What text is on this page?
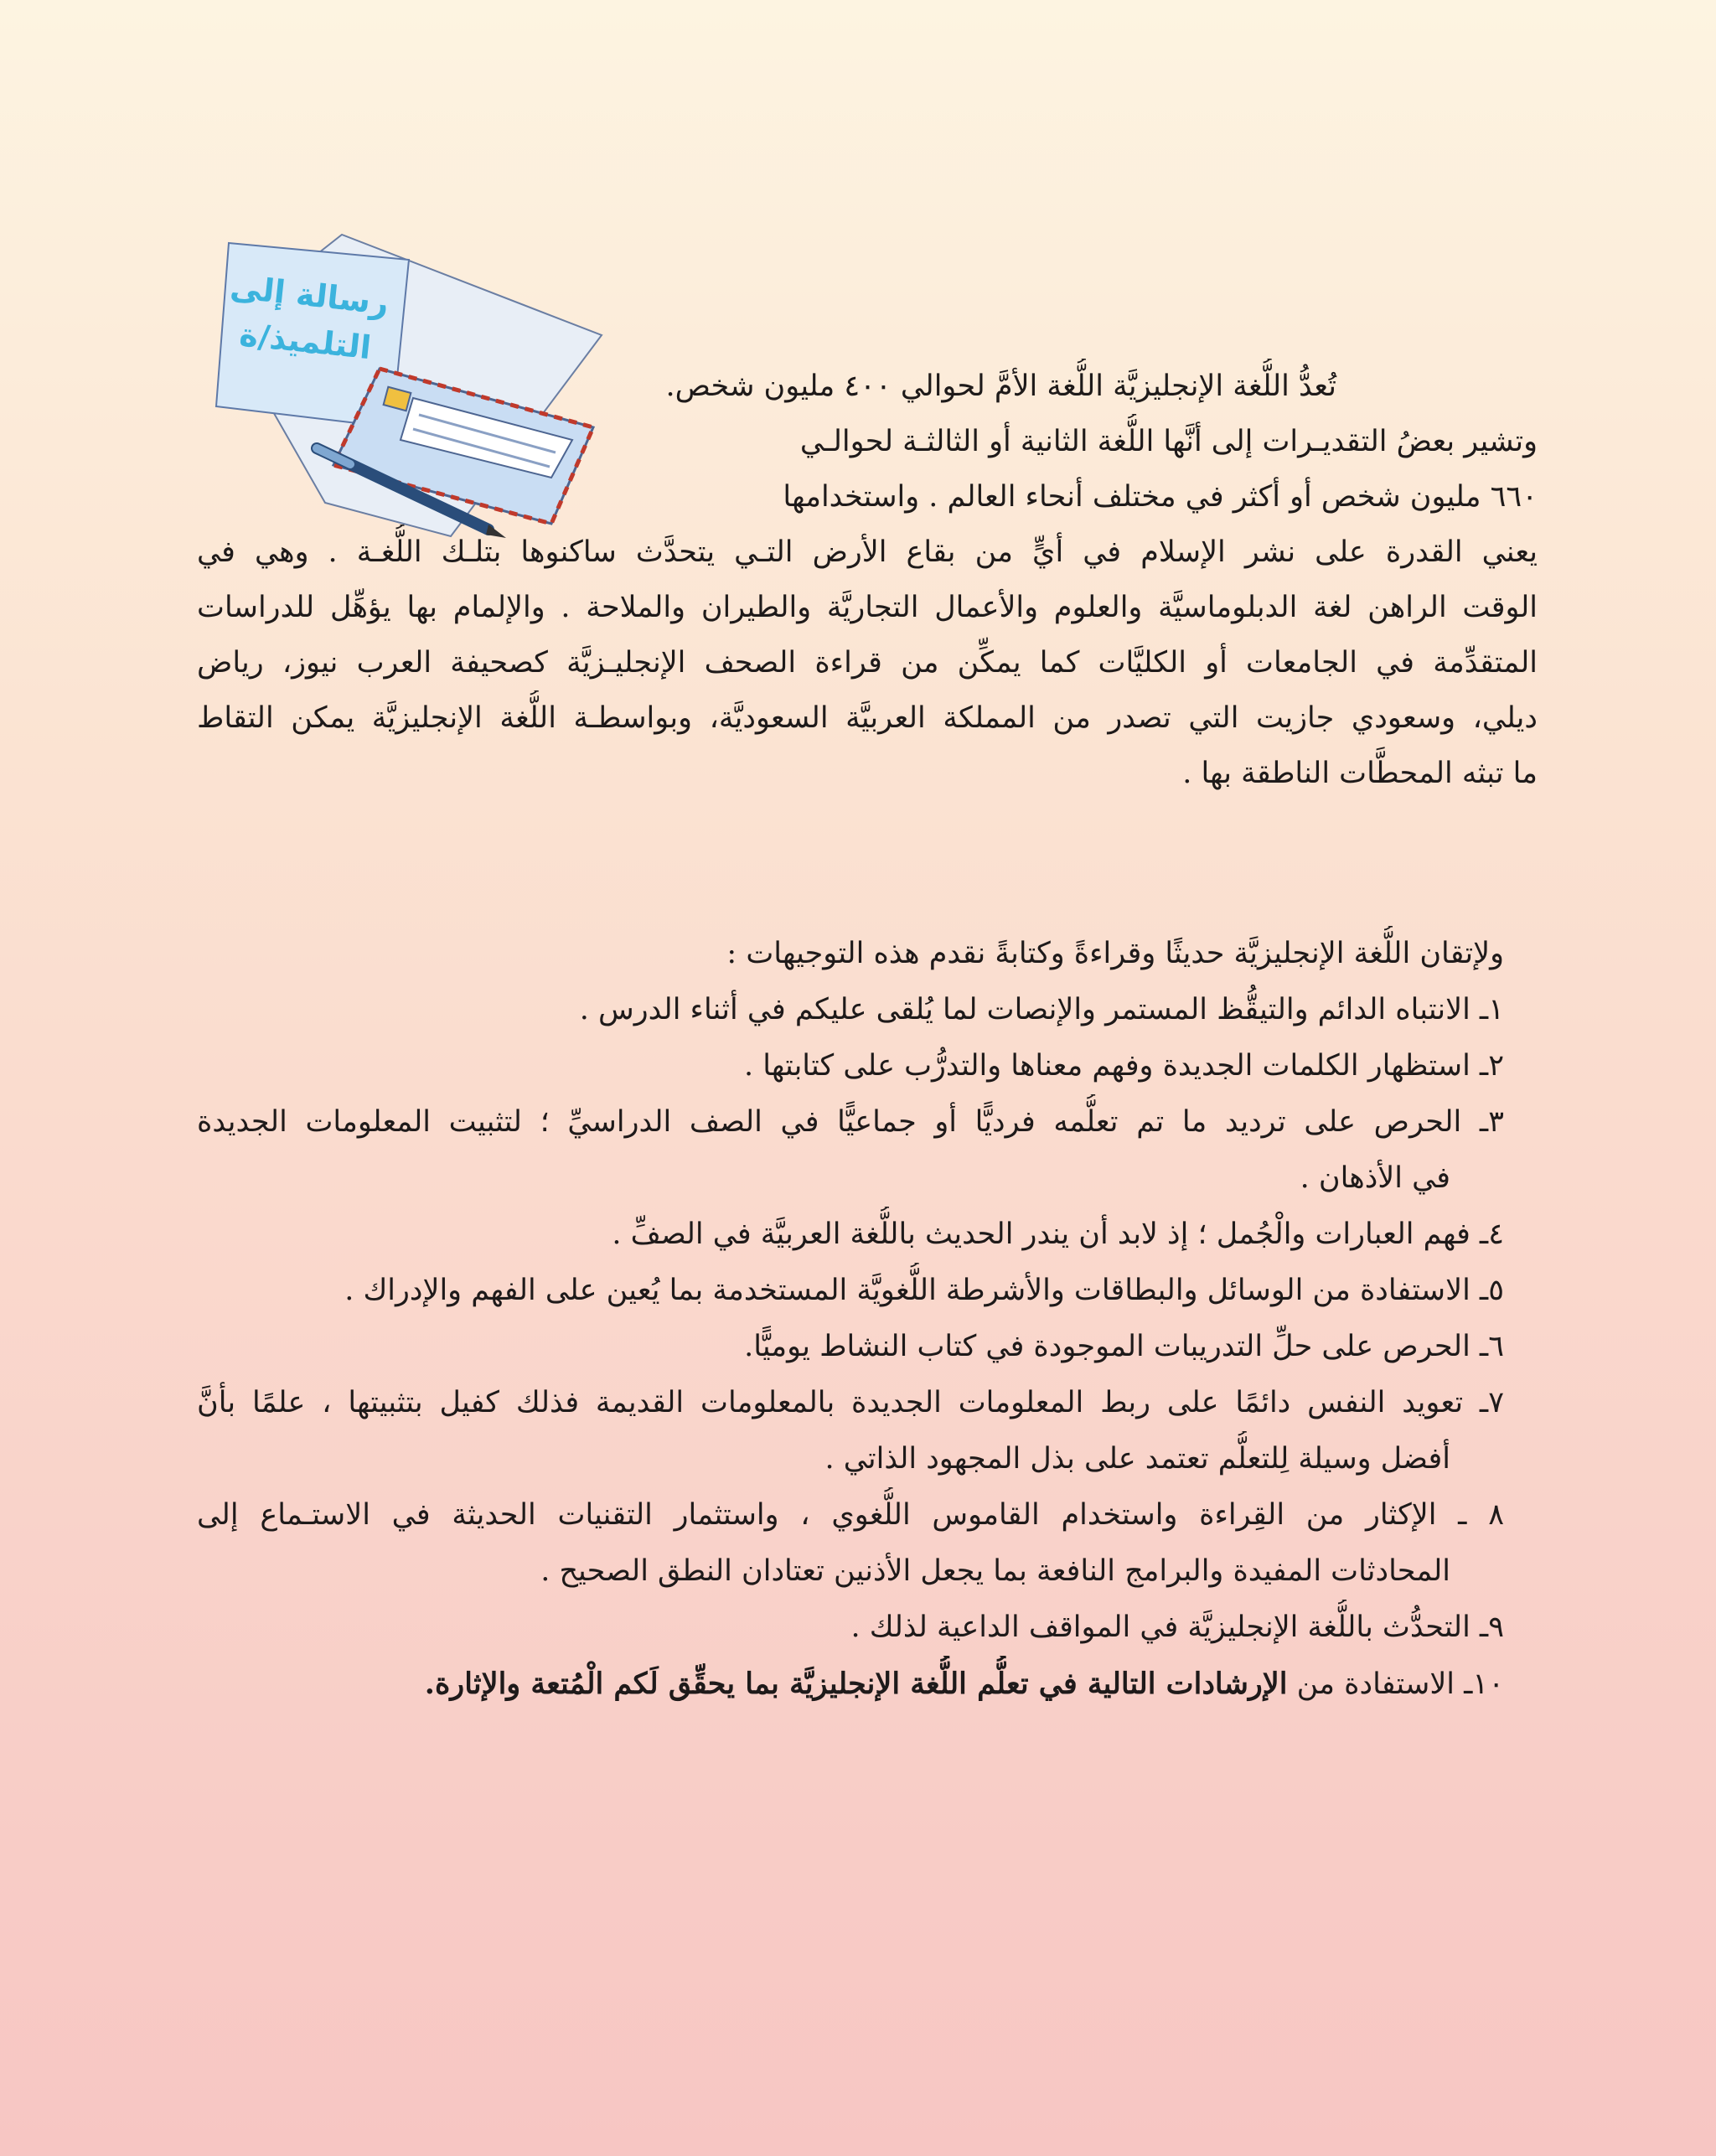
رسالة إلى
التلميذ/ة
تُعدُّ اللُّغة الإنجليزيَّة اللُّغة الأمَّ لحوالي ٤٠٠ مليون شخص.
وتشير بعضُ التقديـرات إلى أنَّها اللُّغة الثانية أو الثالثـة لحوالـي
٦٦٠ مليون شخص أو أكثر في مختلف أنحاء العالم . واستخدامها
يعني القدرة على نشر الإسلام في أيٍّ من بقاع الأرض التـي يتحدَّث ساكنوها بتلـك اللُّغـة . وهي في
الوقت الراهن لغة الدبلوماسيَّة والعلوم والأعمال التجاريَّة والطيران والملاحة . والإلمام بها يؤهِّل للدراسات
المتقدِّمة في الجامعات أو الكليَّات كما يمكِّن من قراءة الصحف الإنجليـزيَّة كصحيفة العرب نيوز، رياض
ديلي، وسعودي جازيت التي تصدر من المملكة العربيَّة السعوديَّة، وبواسطـة اللُّغة الإنجليزيَّة يمكن التقاط
ما تبثه المحطَّات الناطقة بها .
ولإتقان اللُّغة الإنجليزيَّة حديثًا وقراءةً وكتابةً نقدم هذه التوجيهات :
١ـ الانتباه الدائم والتيقُّظ المستمر والإنصات لما يُلقى عليكم في أثناء الدرس .
٢ـ استظهار الكلمات الجديدة وفهم معناها والتدرُّب على كتابتها .
٣ـ الحرص على ترديد ما تم تعلُّمه فرديًّا أو جماعيًّا في الصف الدراسيِّ ؛ لتثبيت المعلومات الجديدة
في الأذهان .
٤ـ فهم العبارات والْجُمل ؛ إذ لابد أن يندر الحديث باللُّغة العربيَّة في الصفِّ .
٥ـ الاستفادة من الوسائل والبطاقات والأشرطة اللُّغويَّة المستخدمة بما يُعين على الفهم والإدراك .
٦ـ الحرص على حلِّ التدريبات الموجودة في كتاب النشاط يوميًّا.
٧ـ تعويد النفس دائمًا على ربط المعلومات الجديدة بالمعلومات القديمة فذلك كفيل بتثبيتها ، علمًا بأنَّ
أفضل وسيلة لِلتعلُّم تعتمد على بذل المجهود الذاتي .
٨ ـ الإكثار من القِراءة واستخدام القاموس اللُّغوي ، واستثمار التقنيات الحديثة في الاستـماع إلى
المحادثات المفيدة والبرامج النافعة بما يجعل الأذنين تعتادان النطق الصحيح .
٩ـ التحدُّث باللُّغة الإنجليزيَّة في المواقف الداعية لذلك .
١٠ـ الاستفادة من الإرشادات التالية في تعلُّم اللُّغة الإنجليزيَّة بما يحقِّق لَكم الْمُتعة والإثارة.
